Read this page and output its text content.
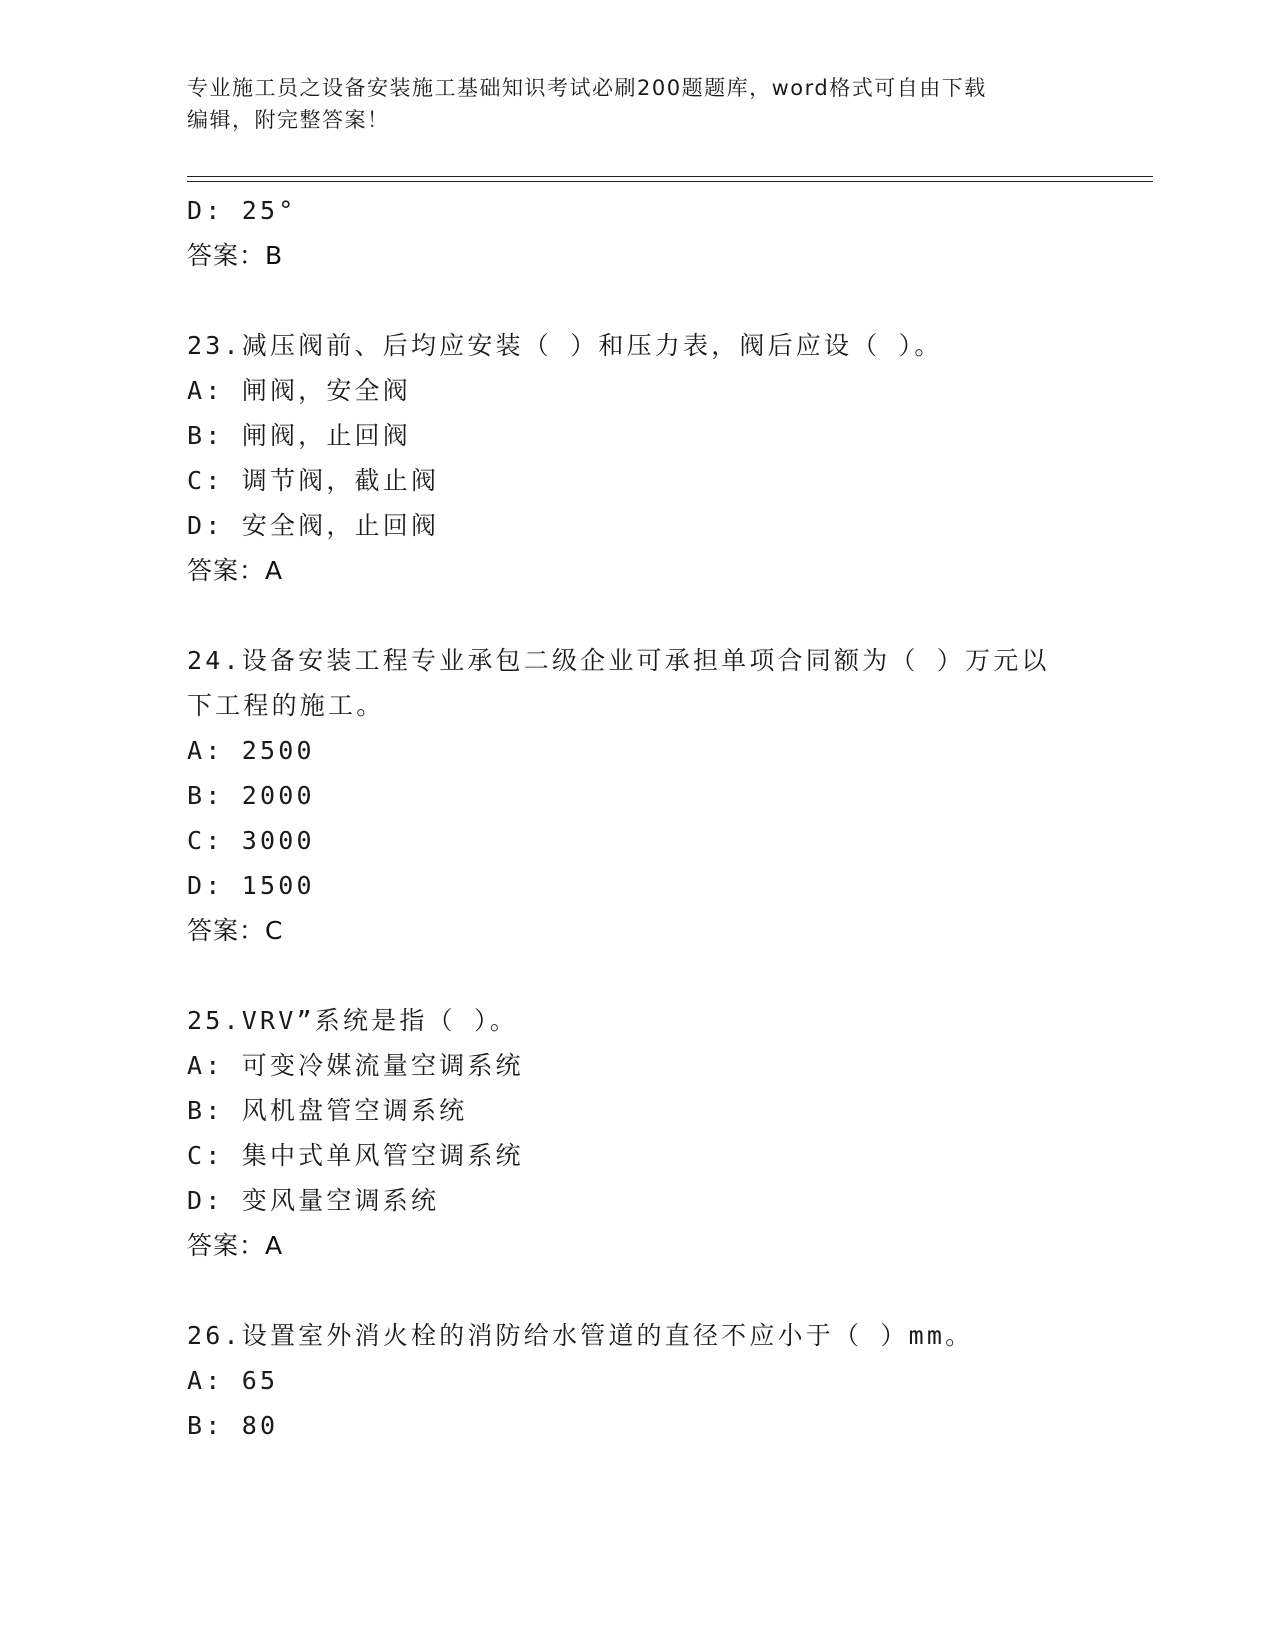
专业施工员之设备安装施工基础知识考试必刷200题题库，word格式可自由下载
编辑，附完整答案！
D: 25°
答案：B
23.减压阀前、后均应安装（ ）和压力表，阀后应设（ ）。
A: 闸阀，安全阀
B: 闸阀，止回阀
C: 调节阀，截止阀
D: 安全阀，止回阀
答案：A
24.设备安装工程专业承包二级企业可承担单项合同额为（ ）万元以
下工程的施工。
A: 2500
B: 2000
C: 3000
D: 1500
答案：C
25.VRV”系统是指（ ）。
A: 可变冷媒流量空调系统
B: 风机盘管空调系统
C: 集中式单风管空调系统
D: 变风量空调系统
答案：A
26.设置室外消火栓的消防给水管道的直径不应小于（ ）mm。
A: 65
B: 80
